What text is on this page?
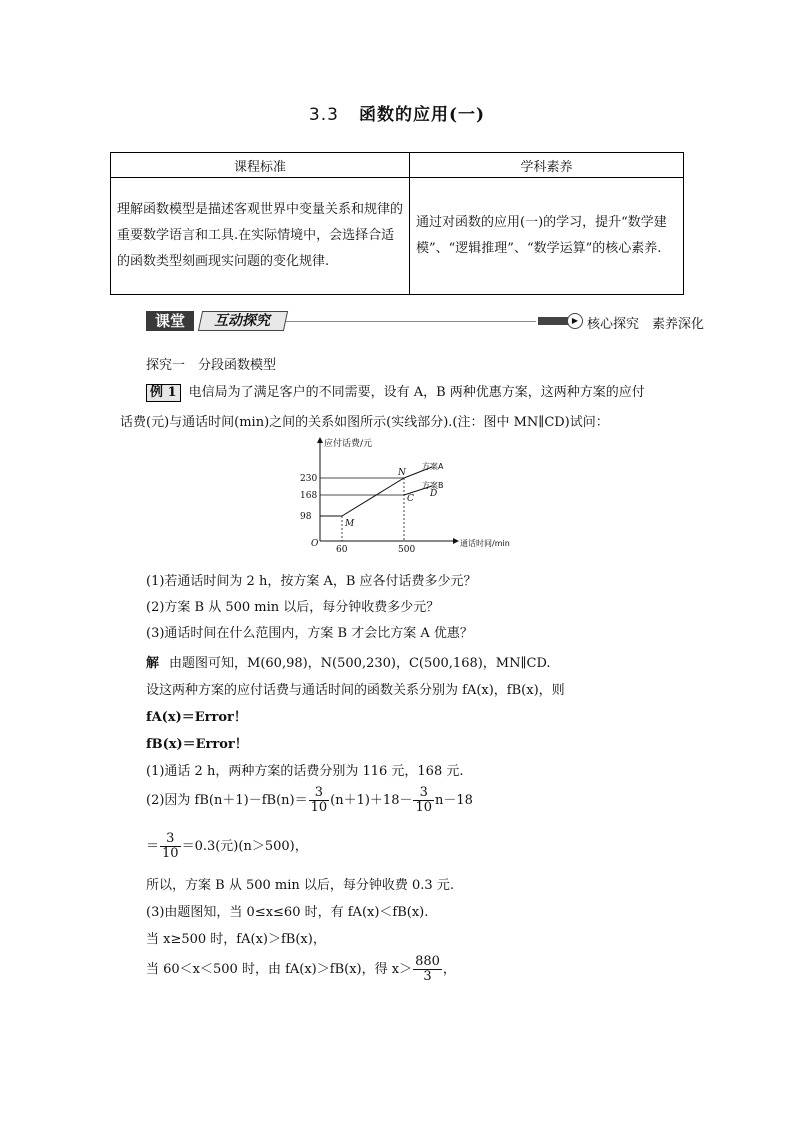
3.3 函数的应用(一)
课程标准	学科素养
理解函数模型是描述客观世界中变量关系和规律的重要数学语言和工具.在实际情境中，会选择合适的函数类型刻画现实问题的变化规律.	通过对函数的应用(一)的学习，提升“数学建模”、“逻辑推理”、“数学运算”的核心素养.
课堂	互动探究	▶ 核心探究　素养深化
探究一　分段函数模型
例 1 电信局为了满足客户的不同需要，设有 A，B 两种优惠方案，这两种方案的应付
话费(元)与通话时间(min)之间的关系如图所示(实线部分).(注：图中 MN∥CD)试问：
方案A
方案B
60	500
98
168
230
M
N
C D
应付话费/元
通话时间/min
O
(1)若通话时间为 2 h，按方案 A，B 应各付话费多少元？
(2)方案 B 从 500 min 以后，每分钟收费多少元？
(3)通话时间在什么范围内，方案 B 才会比方案 A 优惠？
解 由题图可知，M(60,98)，N(500,230)，C(500,168)，MN∥CD.
设这两种方案的应付话费与通话时间的函数关系分别为 fA(x)，fB(x)，则
fA(x)＝Error！
fB(x)＝Error！
(1)通话 2 h，两种方案的话费分别为 116 元，168 元.
(2)因为 $fB(n+1)-fB(n)= \frac{3}{10} (n+1)+18- \frac{3}{10} n-18$
＝ $\frac{3}{10} =0.3$(元)(n＞500)，
所以，方案 B 从 500 min 以后，每分钟收费 0.3 元.
(3)由题图知，当 0≤x≤60 时，有 fA(x)＜fB(x).
当 x≥500 时，fA(x)＞fB(x)，
当 60＜x＜500 时，由 fA(x)＞fB(x)，得 $x> \frac{880}{3}$ ，
